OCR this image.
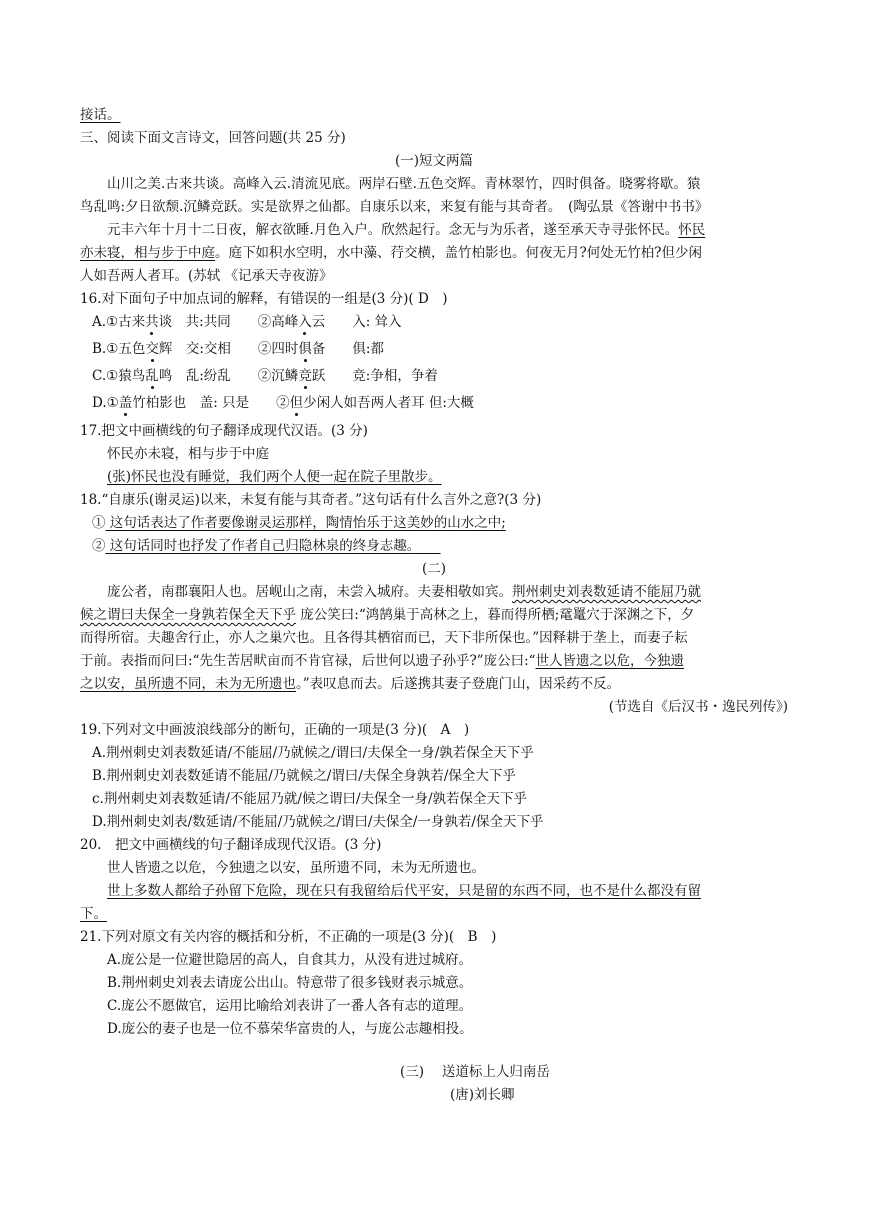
接话。
三、阅读下面文言诗文，回答问题(共 25 分)
(一)短文两篇
山川之美.古来共谈。高峰入云.清流见底。两岸石壁.五色交辉。青林翠竹，四时俱备。晓雾将歇。猿
鸟乱鸣:夕日欲颓.沉鳞竞跃。实是欲界之仙都。自康乐以来，来复有能与其奇者。　(陶弘景《答谢中书书》
元丰六年十月十二日夜，解衣欲睡.月色入户。欣然起行。念无与为乐者，遂至承天寺寻张怀民。怀民
亦未寝，相与步于中庭。庭下如积水空明，水中藻、荇交横，盖竹柏影也。何夜无月?何处无竹柏?但少闲
人如吾两人者耳。(苏轼 《记承天寺夜游》
16.对下面句子中加点词的解释，有错误的一组是(3 分)( D　)
A.①古来共谈　共:共同　　②高峰入云　　入: 耸入
B.①五色交辉　交:交相　　②四时俱备　　俱:都
C.①猿鸟乱鸣　乱:纷乱　　②沉鳞竞跃　　竞:争相，争着
D.①盖竹柏影也　盖: 只是　　②但少闲人如吾两人者耳 但:大概
17.把文中画横线的句子翻译成现代汉语。(3 分)
怀民亦未寝，相与步于中庭
(张)怀民也没有睡觉，我们两个人便一起在院子里散步。
18.“自康乐(谢灵运)以来，未复有能与其奇者。”这句话有什么言外之意?(3 分)
① 这句话表达了作者要像谢灵运那样，陶情怡乐于这美妙的山水之中;
② 这句话同时也抒发了作者自己归隐林泉的终身志趣。　　
(二)
庞公者，南郡襄阳人也。居岘山之南，未尝入城府。夫妻相敬如宾。荆州刺史刘表数延请不能屈乃就
候之谓曰夫保全一身孰若保全天下乎 庞公笑曰:“鸿鹄巢于高林之上，暮而得所栖;鼋鼍穴于深渊之下，夕
而得所宿。夫趣舍行止，亦人之巢穴也。且各得其栖宿而已，天下非所保也。”因释耕于垄上，而妻子耘
于前。表指而问曰:“先生苦居畎亩而不肯官禄，后世何以遗子孙乎?”庞公曰:“世人皆遗之以危，今独遗
之以安，虽所遗不同，未为无所遗也。”表叹息而去。后遂携其妻子登鹿门山，因采药不反。
(节选自《后汉书・逸民列传》)
19.下列对文中画波浪线部分的断句，正确的一项是(3 分)(　A　)
A.荆州刺史刘表数延请/不能屈/乃就候之/谓曰/夫保全一身/孰若保全天下乎
B.荆州刺史刘表数延请不能屈/乃就候之/谓曰/夫保全身孰若/保全大下乎
c.荆州刺史刘表数延请/不能屈乃就/候之谓曰/夫保全一身/孰若保全天下乎
D.荆州刺史刘表/数延请/不能屈/乃就候之/谓曰/夫保全/一身孰若/保全天下乎
20.　把文中画横线的句子翻译成现代汉语。(3 分)
世人皆遗之以危，今独遗之以安，虽所遗不同，未为无所遗也。
世上多数人都给子孙留下危险，现在只有我留给后代平安，只是留的东西不同，也不是什么都没有留
下。
21.下列对原文有关内容的概括和分析，不正确的一项是(3 分)(　B　)
A.庞公是一位避世隐居的高人，自食其力，从没有进过城府。
B.荆州刺史刘表去请庞公出山。特意带了很多钱财表示城意。
C.庞公不愿做官，运用比喻给刘表讲了一番人各有志的道理。
D.庞公的妻子也是一位不慕荣华富贵的人，与庞公志趣相投。
(三)　 送道标上人归南岳
(唐)刘长卿
